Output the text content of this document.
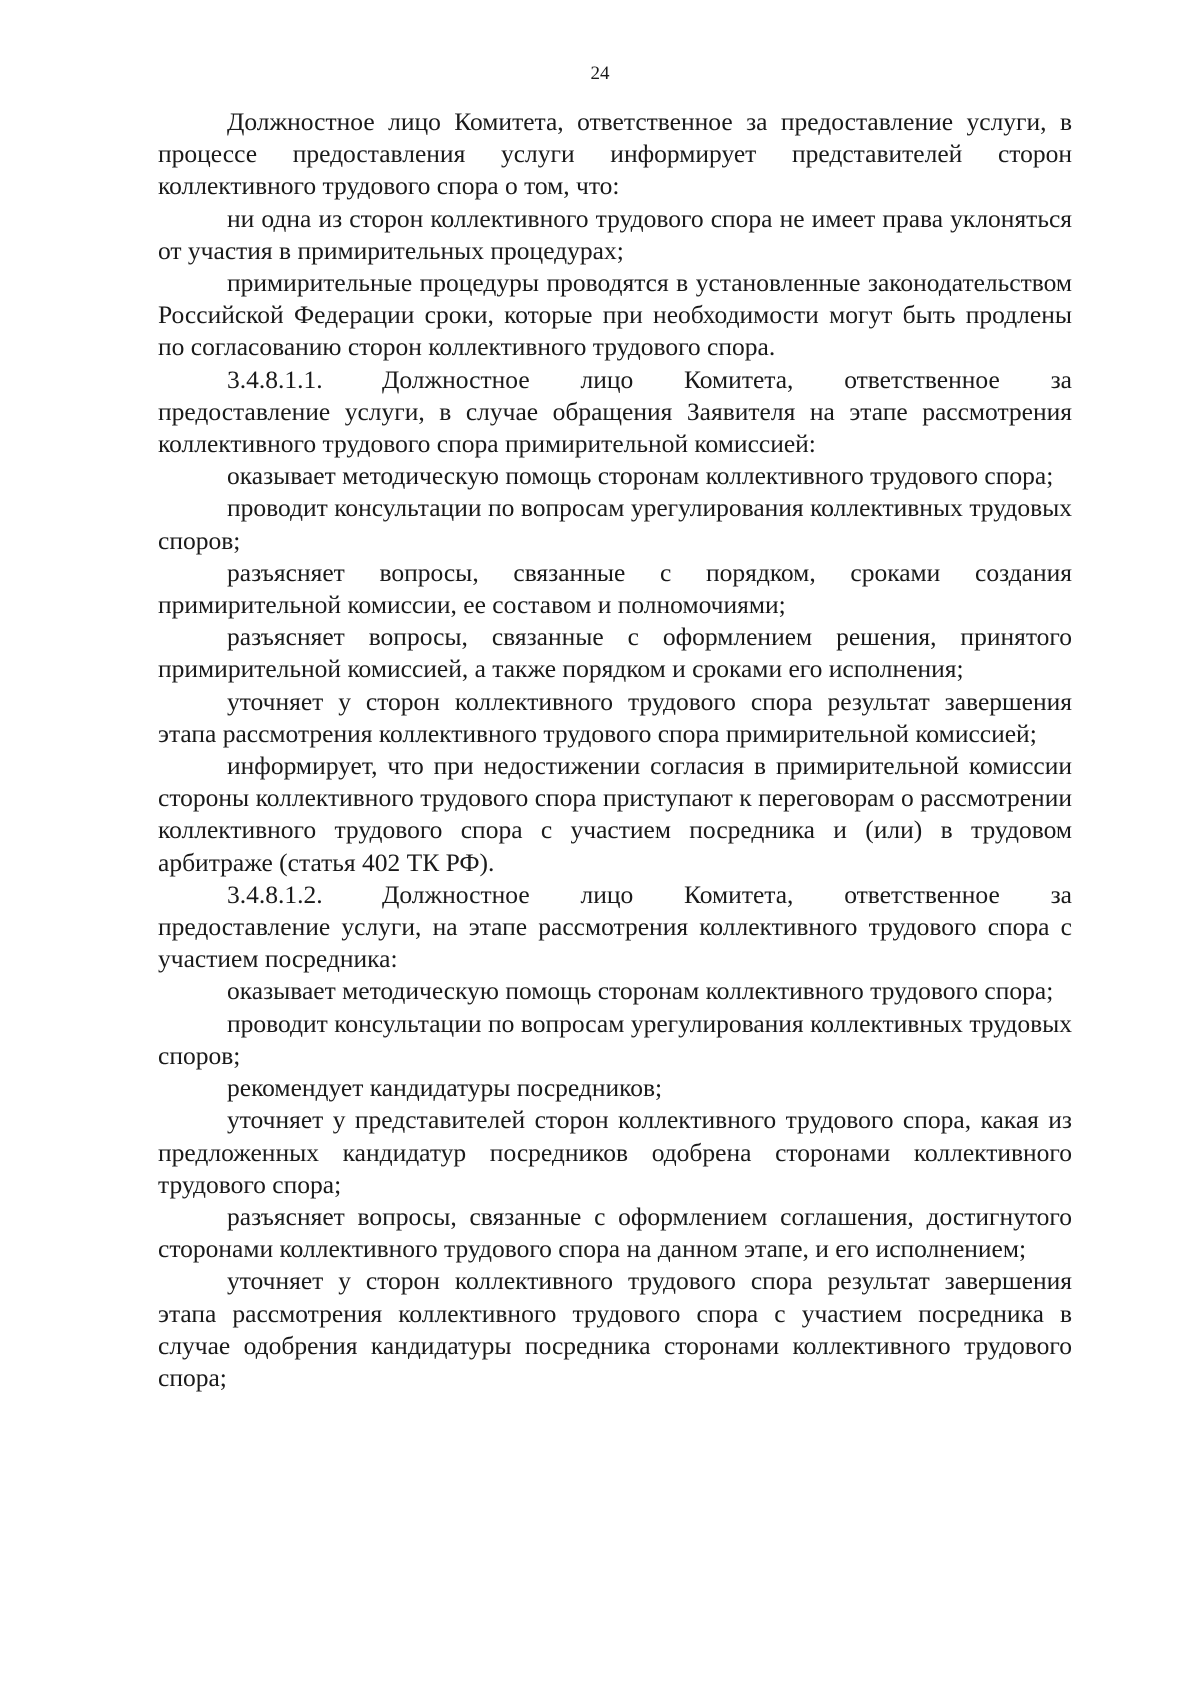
24

Должностное лицо Комитета, ответственное за предоставление услуги, в процессе предоставления услуги информирует представителей сторон коллективного трудового спора о том, что:

ни одна из сторон коллективного трудового спора не имеет права уклоняться от участия в примирительных процедурах;

примирительные процедуры проводятся в установленные законодательством Российской Федерации сроки, которые при необходимости могут быть продлены по согласованию сторон коллективного трудового спора.

3.4.8.1.1. Должностное лицо Комитета, ответственное за предоставление услуги, в случае обращения Заявителя на этапе рассмотрения коллективного трудового спора примирительной комиссией:

оказывает методическую помощь сторонам коллективного трудового спора;

проводит консультации по вопросам урегулирования коллективных трудовых споров;

разъясняет вопросы, связанные с порядком, сроками создания примирительной комиссии, ее составом и полномочиями;

разъясняет вопросы, связанные с оформлением решения, принятого примирительной комиссией, а также порядком и сроками его исполнения;

уточняет у сторон коллективного трудового спора результат завершения этапа рассмотрения коллективного трудового спора примирительной комиссией;

информирует, что при недостижении согласия в примирительной комиссии стороны коллективного трудового спора приступают к переговорам о рассмотрении коллективного трудового спора с участием посредника и (или) в трудовом арбитраже (статья 402 ТК РФ).

3.4.8.1.2. Должностное лицо Комитета, ответственное за предоставление услуги, на этапе рассмотрения коллективного трудового спора с участием посредника:

оказывает методическую помощь сторонам коллективного трудового спора;

проводит консультации по вопросам урегулирования коллективных трудовых споров;

рекомендует кандидатуры посредников;

уточняет у представителей сторон коллективного трудового спора, какая из предложенных кандидатур посредников одобрена сторонами коллективного трудового спора;

разъясняет вопросы, связанные с оформлением соглашения, достигнутого сторонами коллективного трудового спора на данном этапе, и его исполнением;

уточняет у сторон коллективного трудового спора результат завершения этапа рассмотрения коллективного трудового спора с участием посредника в случае одобрения кандидатуры посредника сторонами коллективного трудового спора;
